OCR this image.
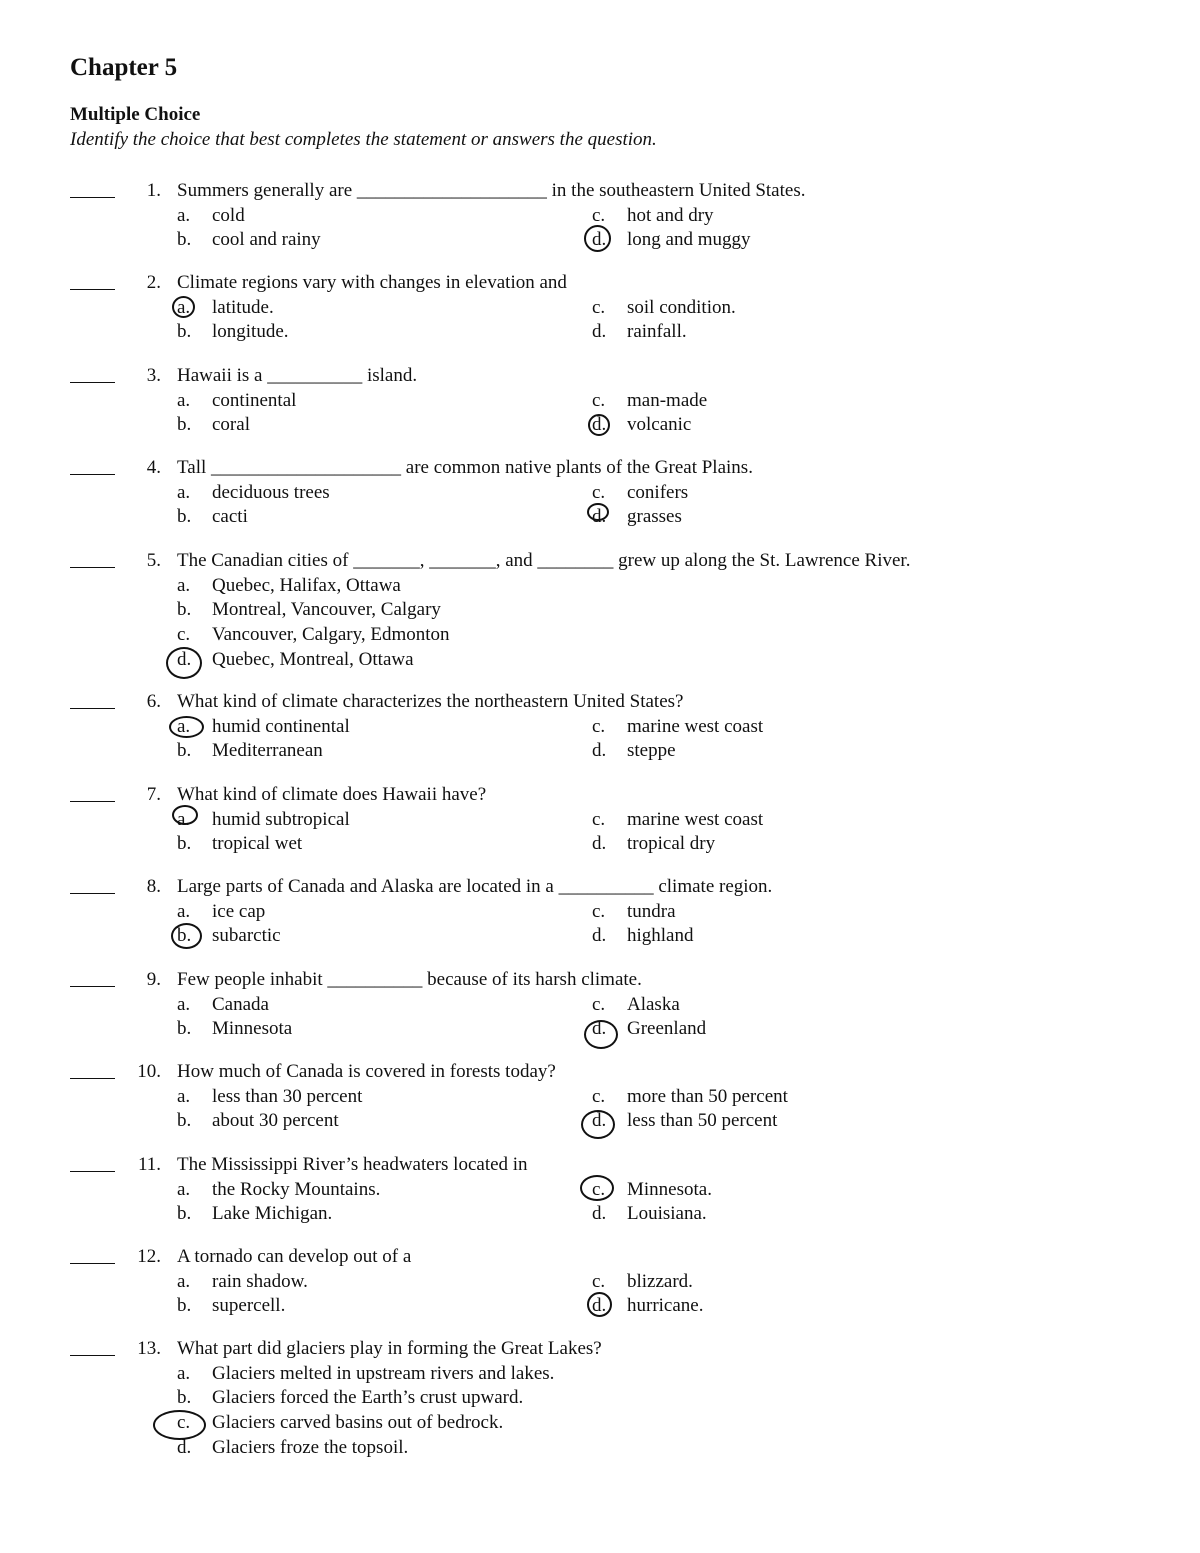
Chapter 5
Multiple Choice
Identify the choice that best completes the statement or answers the question.
1. Summers generally are ____________________ in the southeastern United States.
a. cold	c. hot and dry
b. cool and rainy	d. long and muggy
2. Climate regions vary with changes in elevation and
a. latitude.	c. soil condition.
b. longitude.	d. rainfall.
3. Hawaii is a __________ island.
a. continental	c. man-made
b. coral	d. volcanic
4. Tall ____________________ are common native plants of the Great Plains.
a. deciduous trees	c. conifers
b. cacti	d. grasses
5. The Canadian cities of _______, _______, and ________ grew up along the St. Lawrence River.
a. Quebec, Halifax, Ottawa
b. Montreal, Vancouver, Calgary
c. Vancouver, Calgary, Edmonton
d. Quebec, Montreal, Ottawa
6. What kind of climate characterizes the northeastern United States?
a. humid continental	c. marine west coast
b. Mediterranean	d. steppe
7. What kind of climate does Hawaii have?
a. humid subtropical	c. marine west coast
b. tropical wet	d. tropical dry
8. Large parts of Canada and Alaska are located in a __________ climate region.
a. ice cap	c. tundra
b. subarctic	d. highland
9. Few people inhabit __________ because of its harsh climate.
a. Canada	c. Alaska
b. Minnesota	d. Greenland
10. How much of Canada is covered in forests today?
a. less than 30 percent	c. more than 50 percent
b. about 30 percent	d. less than 50 percent
11. The Mississippi River’s headwaters located in
a. the Rocky Mountains.	c. Minnesota.
b. Lake Michigan.	d. Louisiana.
12. A tornado can develop out of a
a. rain shadow.	c. blizzard.
b. supercell.	d. hurricane.
13. What part did glaciers play in forming the Great Lakes?
a. Glaciers melted in upstream rivers and lakes.
b. Glaciers forced the Earth’s crust upward.
c. Glaciers carved basins out of bedrock.
d. Glaciers froze the topsoil.
